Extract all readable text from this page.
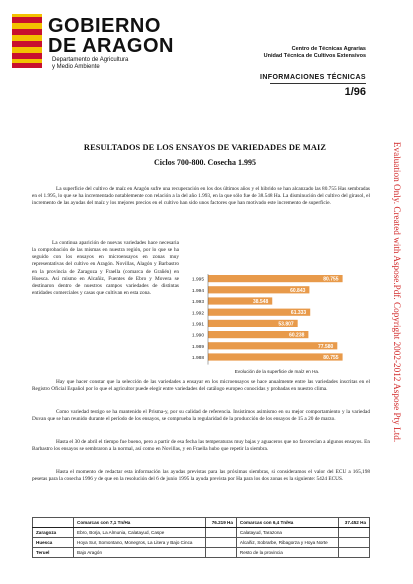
GOBIERNO
DE ARAGON
Departamento de Agricultura
y Medio Ambiente
Centro de Técnicas Agrarias
Unidad Técnica de Cultivos Extensivos
INFORMACIONES TÉCNICAS
1/96
RESULTADOS DE LOS ENSAYOS DE VARIEDADES DE MAIZ
Ciclos 700-800. Cosecha 1.995
La superficie del cultivo de maíz en Aragón sufre una recuperación en los dos últimos años y el hibrido se han alcanzado las 80.755 Has sembradas en el 1.995, lo que se ha incrementado notablemente con relación a la del año 1.993, en la que sólo fue de 38.548 Ha. La disminución del cultivo del girasol, el incremento de las ayudas del maíz y los mejores precios en el cultivo han sido unos factores que han motivado este incremento de superficie.
La continua aparición de nuevas variedades hace necesaria la comprobación de las mismas en nuestra región, por lo que se ha seguido con los ensayos en microensayos en zonas muy representativas del cultivo en Aragón. Novillas, Alagón y Barbastro en la provincia de Zaragoza y Fraella (comarca de Grañén) en Huesca. Así mismo en Alcañiz, Fuentes de Ebro y Movera se destinaron dentro de nuestros campos variedades de distintas entidades comerciales y casas que cultivan en esta zona.
Hay que hacer constar que la selección de las variedades a ensayar en los microensayos se hace anualmente entre las variedades inscritas en el Registro Oficial Español por lo que el agricultor puede elegir entre variedades del catálogo europeo conocidas y probadas en nuestro clima.
Como variedad testigo se ha mantenido el Prisma-y, por su calidad de referencia. Insistimos asimismo en su mejor comportamiento y la variedad Duvan que se han reunido durante el período de los ensayos, se comprueba la regularidad de la producción de los ensayos de 15 a 20 de marzo.
Hasta el 30 de abril el tiempo fue bueno, pero a partir de esa fecha las temperaturas muy bajas y aguaceros que no favorecían a algunos ensayos. En Barbastro los ensayos se sembraron a la normal, así como en Novillas, y en Fraella hubo que repetir la siembra.
Hasta el momento de redactar esta información las ayudas previstas para las próximas siembras, si consideramos el valor del ECU a 165,198 pesetas para la cosecha 1996 y de que en la resolución del 6 de junio 1995 la ayuda prevista por Ha para los dos zonas es la siguiente: 5424 ECUS.
1.995	80.755
1.994	60.843
1.993	38.548
1.992	61.333
1.991	53.807
1.990	60.238
1.989	77.580
1.988	80.755
Evolución de la superficie de maíz en Ha.
	Comarcas con 7,1 Tn/Ha	76.219 Ha	Comarcas con 6,4 Tn/Ha	37.452 Ha
Zaragoza	Ebro, Borja, La Almunia, Calatayud, Caspe		Calatayud, Tarazona	
Huesca	Hoya Sur, Somontano, Monegros, La Litera y Bajo Cinca		Alcañiz, Sobrarbe, Ribagorza y Hoya Norte	
Teruel	Bajo Aragón		Resto de la provincia	
Evaluation Only. Created with Aspose.Pdf. Copyright 2002-2012 Aspose Pty Ltd.
